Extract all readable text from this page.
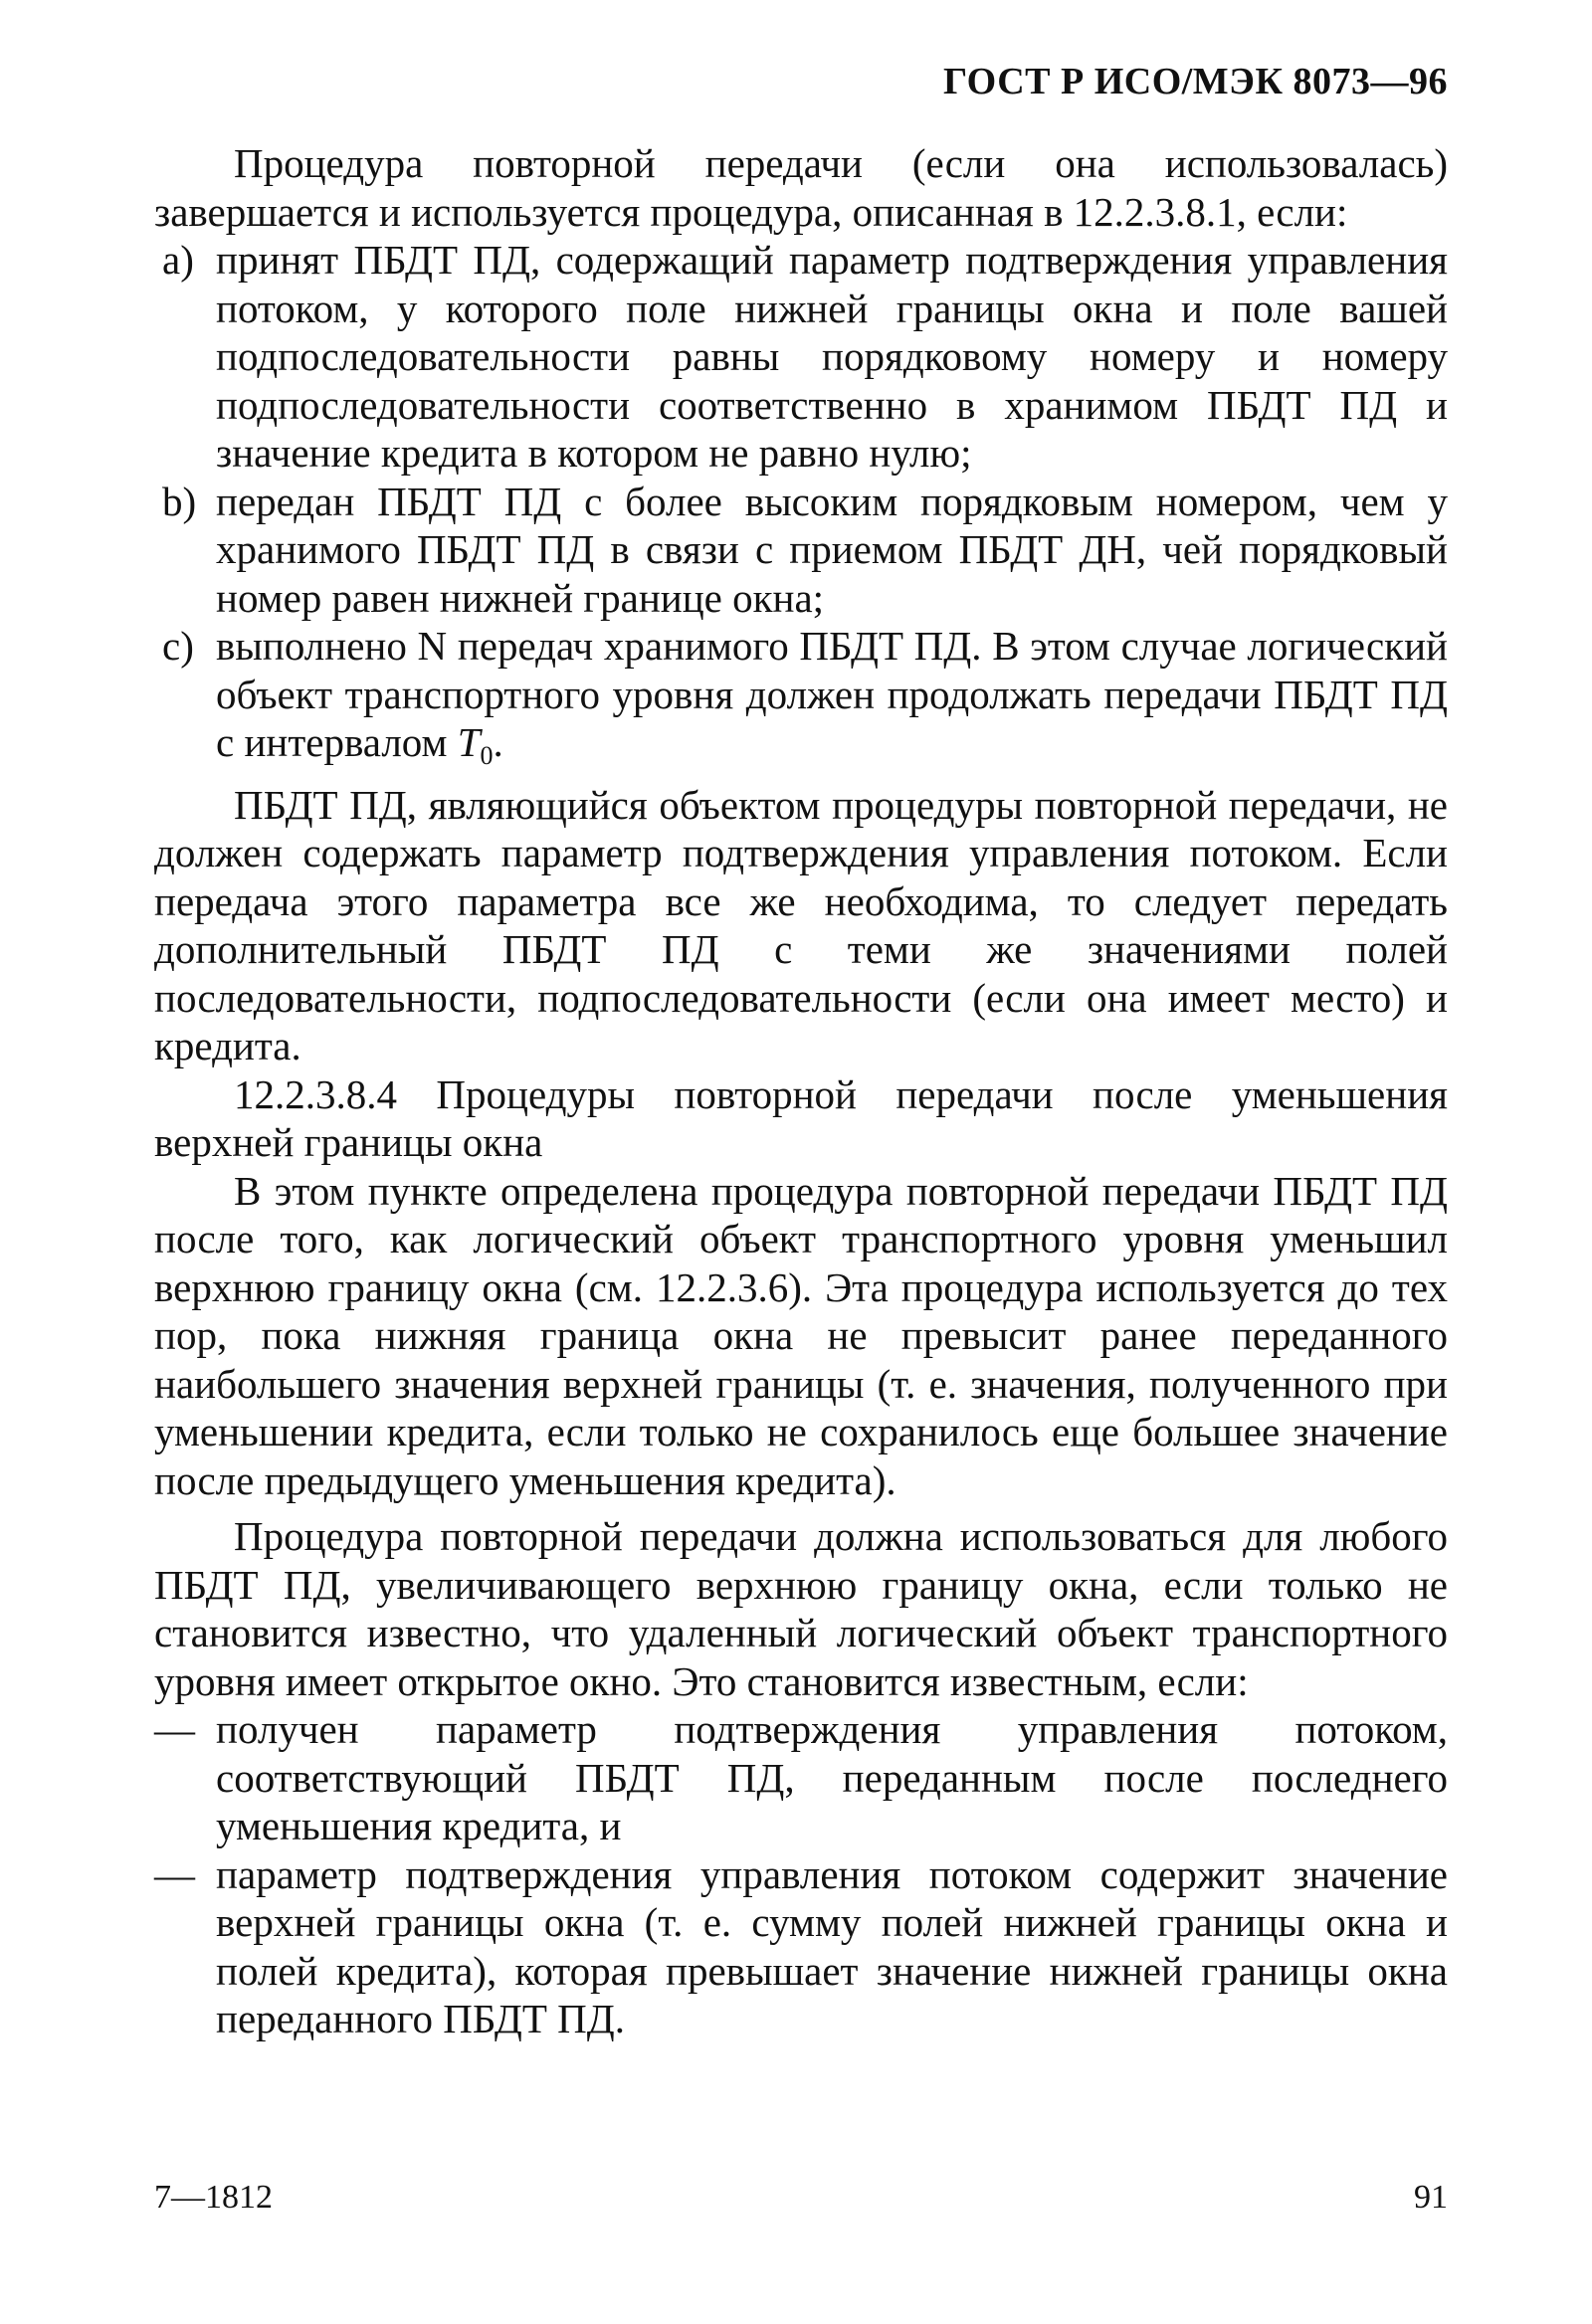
ГОСТ Р ИСО/МЭК 8073—96

Процедура повторной передачи (если она использовалась) завершается и используется процедура, описанная в 12.2.3.8.1, если:

a) принят ПБДТ ПД, содержащий параметр подтверждения управления потоком, у которого поле нижней границы окна и поле вашей подпоследовательности равны порядковому номеру и номеру подпоследовательности соответственно в хранимом ПБДТ ПД и значение кредита в котором не равно нулю;
b) передан ПБДТ ПД с более высоким порядковым номером, чем у хранимого ПБДТ ПД в связи с приемом ПБДТ ДН, чей порядковый номер равен нижней границе окна;
c) выполнено N передач хранимого ПБДТ ПД. В этом случае логический объект транспортного уровня должен продолжать передачи ПБДТ ПД с интервалом $T_0$.

ПБДТ ПД, являющийся объектом процедуры повторной передачи, не должен содержать параметр подтверждения управления потоком. Если передача этого параметра все же необходима, то следует передать дополнительный ПБДТ ПД с теми же значениями полей последовательности, подпоследовательности (если она имеет место) и кредита.

12.2.3.8.4 Процедуры повторной передачи после уменьшения верхней границы окна

В этом пункте определена процедура повторной передачи ПБДТ ПД после того, как логический объект транспортного уровня уменьшил верхнюю границу окна (см. 12.2.3.6). Эта процедура используется до тех пор, пока нижняя граница окна не превысит ранее переданного наибольшего значения верхней границы (т. е. значения, полученного при уменьшении кредита, если только не сохранилось еще большее значение после предыдущего уменьшения кредита).

Процедура повторной передачи должна использоваться для любого ПБДТ ПД, увеличивающего верхнюю границу окна, если только не становится известно, что удаленный логический объект транспортного уровня имеет открытое окно. Это становится известным, если:

— получен параметр подтверждения управления потоком, соответствующий ПБДТ ПД, переданным после последнего уменьшения кредита, и
— параметр подтверждения управления потоком содержит значение верхней границы окна (т. е. сумму полей нижней границы окна и полей кредита), которая превышает значение нижней границы окна переданного ПБДТ ПД.
7—1812	91
